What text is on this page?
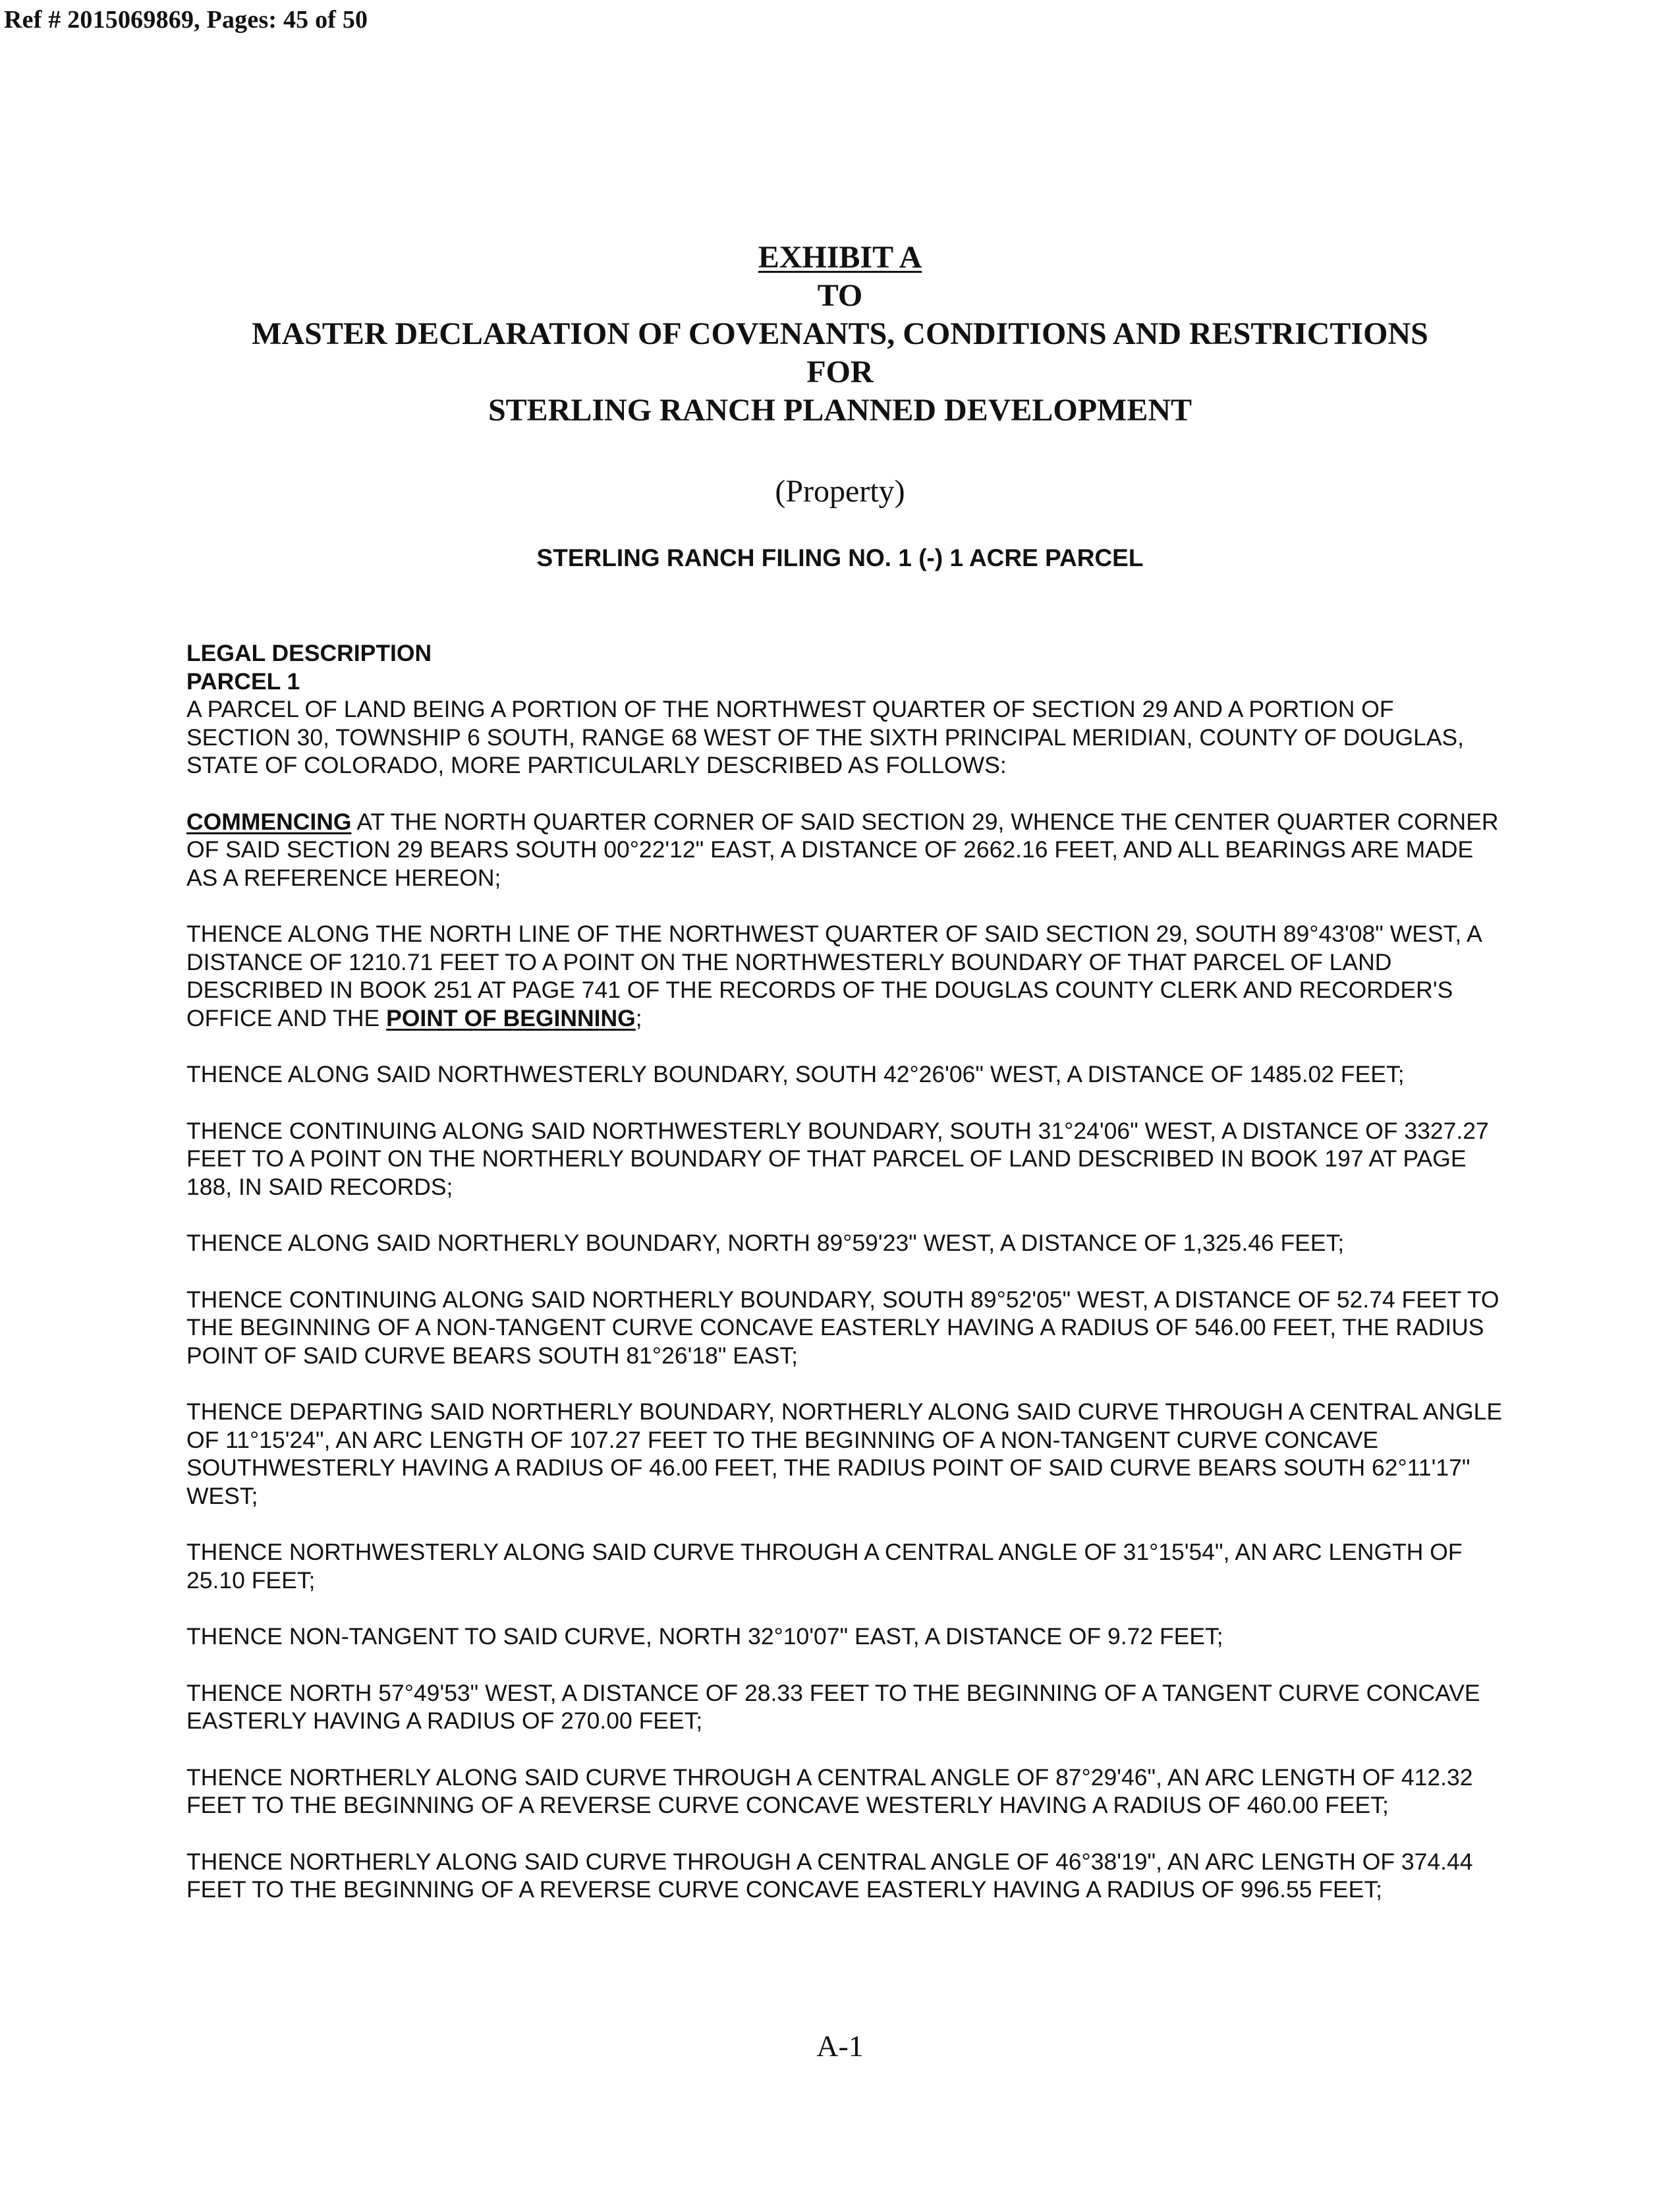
Ref # 2015069869, Pages: 45 of 50
EXHIBIT A
TO
MASTER DECLARATION OF COVENANTS, CONDITIONS AND RESTRICTIONS
FOR
STERLING RANCH PLANNED DEVELOPMENT
(Property)
STERLING RANCH FILING NO. 1 (-) 1 ACRE PARCEL
LEGAL DESCRIPTION
PARCEL 1

A PARCEL OF LAND BEING A PORTION OF THE NORTHWEST QUARTER OF SECTION 29 AND A PORTION OF SECTION 30, TOWNSHIP 6 SOUTH, RANGE 68 WEST OF THE SIXTH PRINCIPAL MERIDIAN, COUNTY OF DOUGLAS, STATE OF COLORADO, MORE PARTICULARLY DESCRIBED AS FOLLOWS:

COMMENCING AT THE NORTH QUARTER CORNER OF SAID SECTION 29, WHENCE THE CENTER QUARTER CORNER OF SAID SECTION 29 BEARS SOUTH 00°22'12" EAST, A DISTANCE OF 2662.16 FEET, AND ALL BEARINGS ARE MADE AS A REFERENCE HEREON;

THENCE ALONG THE NORTH LINE OF THE NORTHWEST QUARTER OF SAID SECTION 29, SOUTH 89°43'08" WEST, A DISTANCE OF 1210.71 FEET TO A POINT ON THE NORTHWESTERLY BOUNDARY OF THAT PARCEL OF LAND DESCRIBED IN BOOK 251 AT PAGE 741 OF THE RECORDS OF THE DOUGLAS COUNTY CLERK AND RECORDER'S OFFICE AND THE POINT OF BEGINNING;

THENCE ALONG SAID NORTHWESTERLY BOUNDARY, SOUTH 42°26'06" WEST, A DISTANCE OF 1485.02 FEET;

THENCE CONTINUING ALONG SAID NORTHWESTERLY BOUNDARY, SOUTH 31°24'06" WEST, A DISTANCE OF 3327.27 FEET TO A POINT ON THE NORTHERLY BOUNDARY OF THAT PARCEL OF LAND DESCRIBED IN BOOK 197 AT PAGE 188, IN SAID RECORDS;

THENCE ALONG SAID NORTHERLY BOUNDARY, NORTH 89°59'23" WEST, A DISTANCE OF 1,325.46 FEET;

THENCE CONTINUING ALONG SAID NORTHERLY BOUNDARY, SOUTH 89°52'05" WEST, A DISTANCE OF 52.74 FEET TO THE BEGINNING OF A NON-TANGENT CURVE CONCAVE EASTERLY HAVING A RADIUS OF 546.00 FEET, THE RADIUS POINT OF SAID CURVE BEARS SOUTH 81°26'18" EAST;

THENCE DEPARTING SAID NORTHERLY BOUNDARY, NORTHERLY ALONG SAID CURVE THROUGH A CENTRAL ANGLE OF 11°15'24", AN ARC LENGTH OF 107.27 FEET TO THE BEGINNING OF A NON-TANGENT CURVE CONCAVE SOUTHWESTERLY HAVING A RADIUS OF 46.00 FEET, THE RADIUS POINT OF SAID CURVE BEARS SOUTH 62°11'17" WEST;

THENCE NORTHWESTERLY ALONG SAID CURVE THROUGH A CENTRAL ANGLE OF 31°15'54", AN ARC LENGTH OF 25.10 FEET;

THENCE NON-TANGENT TO SAID CURVE, NORTH 32°10'07" EAST, A DISTANCE OF 9.72 FEET;

THENCE NORTH 57°49'53" WEST, A DISTANCE OF 28.33 FEET TO THE BEGINNING OF A TANGENT CURVE CONCAVE EASTERLY HAVING A RADIUS OF 270.00 FEET;

THENCE NORTHERLY ALONG SAID CURVE THROUGH A CENTRAL ANGLE OF 87°29'46", AN ARC LENGTH OF 412.32 FEET TO THE BEGINNING OF A REVERSE CURVE CONCAVE WESTERLY HAVING A RADIUS OF 460.00 FEET;

THENCE NORTHERLY ALONG SAID CURVE THROUGH A CENTRAL ANGLE OF 46°38'19", AN ARC LENGTH OF 374.44 FEET TO THE BEGINNING OF A REVERSE CURVE CONCAVE EASTERLY HAVING A RADIUS OF 996.55 FEET;

A-1
